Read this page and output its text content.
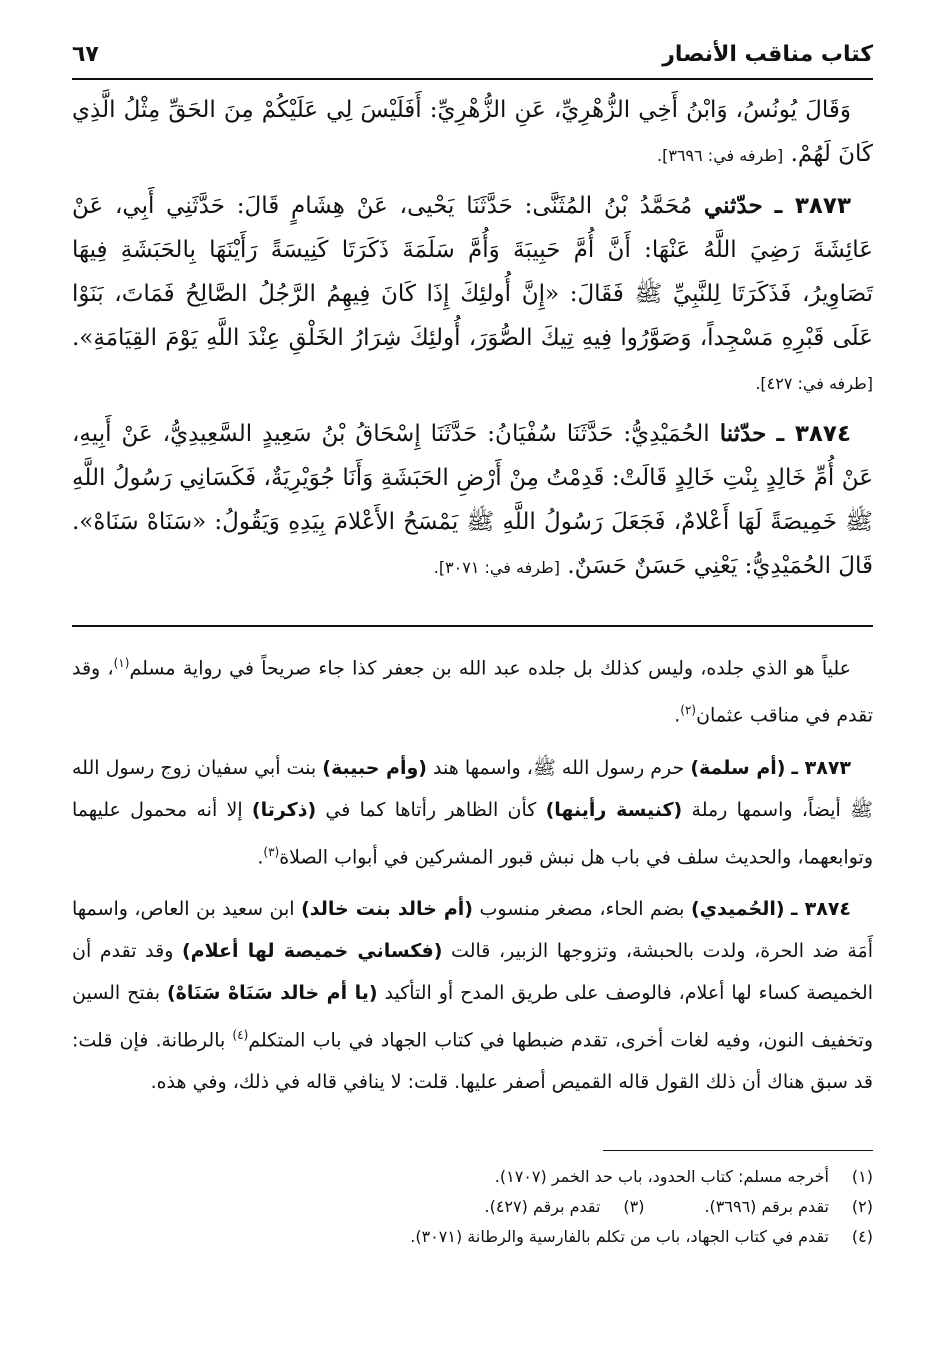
كتاب مناقب الأنصار
٦٧

وَقَالَ يُونُسُ، وَابْنُ أَخِي الزُّهْرِيِّ، عَنِ الزُّهْرِيِّ: أَفَلَيْسَ لِي عَلَيْكُمْ مِنَ الحَقِّ مِثْلُ الَّذِي كَانَ لَهُمْ. [طرفه في: ٣٦٩٦].

٣٨٧٣ ـ حدّثني مُحَمَّدُ بْنُ المُثَنَّى: حَدَّثَنَا يَحْيى، عَنْ هِشَامٍ قَالَ: حَدَّثَنِي أَبِي، عَنْ عَائِشَةَ رَضِيَ اللَّهُ عَنْهَا: أَنَّ أُمَّ حَبِيبَةَ وَأُمَّ سَلَمَةَ ذَكَرَتَا كَنِيسَةً رَأَيْنَهَا بِالحَبَشَةِ فِيهَا تَصَاوِيرُ، فَذَكَرَتَا لِلنَّبِيِّ ﷺ فَقَالَ: «إِنَّ أُولئِكَ إِذَا كَانَ فِيهِمُ الرَّجُلُ الصَّالِحُ فَمَاتَ، بَنَوْا عَلَى قَبْرِهِ مَسْجِداً، وَصَوَّرُوا فِيهِ تِيكَ الصُّوَرَ، أُولئِكَ شِرَارُ الخَلْقِ عِنْدَ اللَّهِ يَوْمَ القِيَامَةِ». [طرفه في: ٤٢٧].

٣٨٧٤ ـ حدّثنا الحُمَيْدِيُّ: حَدَّثَنَا سُفْيَانُ: حَدَّثَنَا إِسْحَاقُ بْنُ سَعِيدٍ السَّعِيدِيُّ، عَنْ أَبِيهِ، عَنْ أُمِّ خَالِدٍ بِنْتِ خَالِدٍ قَالَتْ: قَدِمْتُ مِنْ أَرْضِ الحَبَشَةِ وَأَنَا جُوَيْرِيَةٌ، فَكَسَانِي رَسُولُ اللَّهِ ﷺ خَمِيصَةً لَهَا أَعْلامٌ، فَجَعَلَ رَسُولُ اللَّهِ ﷺ يَمْسَحُ الأَعْلامَ بِيَدِهِ وَيَقُولُ: «سَنَاهْ سَنَاهْ». قَالَ الحُمَيْدِيُّ: يَعْنِي حَسَنٌ حَسَنٌ. [طرفه في: ٣٠٧١].

علياً هو الذي جلده، وليس كذلك بل جلده عبد الله بن جعفر كذا جاء صريحاً في رواية مسلم$^{(١)}$، وقد تقدم في مناقب عثمان$^{(٢)}$.

٣٨٧٣ ـ (أم سلمة) حرم رسول الله ﷺ، واسمها هند (وأم حبيبة) بنت أبي سفيان زوج رسول الله ﷺ أيضاً، واسمها رملة (كنيسة رأينها) كأن الظاهر رأتاها كما في (ذكرتا) إلا أنه محمول عليهما وتوابعهما، والحديث سلف في باب هل نبش قبور المشركين في أبواب الصلاة$^{(٣)}$.

٣٨٧٤ ـ (الحُميدي) بضم الحاء، مصغر منسوب (أم خالد بنت خالد) ابن سعيد بن العاص، واسمها أَمَة ضد الحرة، ولدت بالحبشة، وتزوجها الزبير، قالت (فكساني خميصة لها أعلام) وقد تقدم أن الخميصة كساء لها أعلام، فالوصف على طريق المدح أو التأكيد (يا أم خالد سَنَاهْ سَنَاهْ) بفتح السين وتخفيف النون، وفيه لغات أخرى، تقدم ضبطها في كتاب الجهاد في باب المتكلم$^{(٤)}$ بالرطانة. فإن قلت: قد سبق هناك أن ذلك القول قاله القميص أصفر عليها. قلت: لا ينافي قاله في ذلك، وفي هذه.

(١)
أخرجه مسلم: كتاب الحدود، باب حد الخمر (١٧٠٧).
(٢)
تقدم برقم (٣٦٩٦).
(٣)
تقدم برقم (٤٢٧).
(٤)
تقدم في كتاب الجهاد، باب من تكلم بالفارسية والرطانة (٣٠٧١).
